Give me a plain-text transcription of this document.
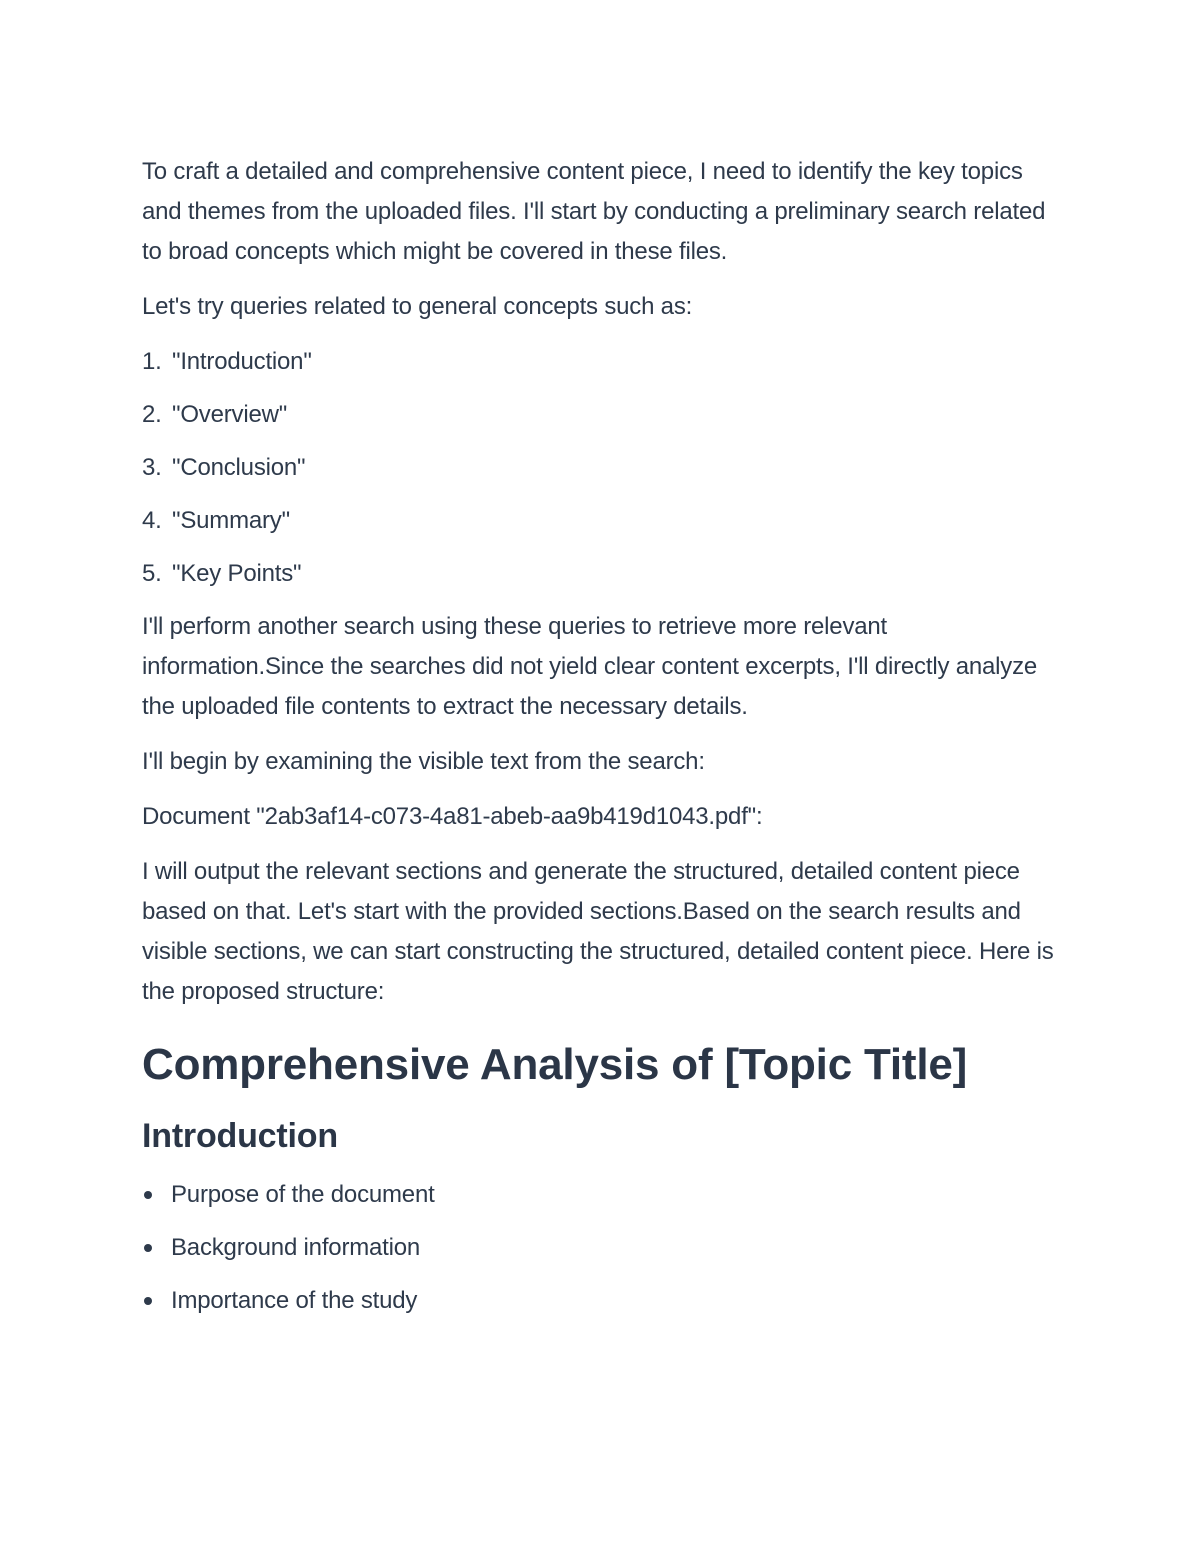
To craft a detailed and comprehensive content piece, I need to identify the key topics and themes from the uploaded files. I'll start by conducting a preliminary search related to broad concepts which might be covered in these files.

Let's try queries related to general concepts such as:

1. "Introduction"
2. "Overview"
3. "Conclusion"
4. "Summary"
5. "Key Points"

I'll perform another search using these queries to retrieve more relevant information.Since the searches did not yield clear content excerpts, I'll directly analyze the uploaded file contents to extract the necessary details.

I'll begin by examining the visible text from the search:

Document "2ab3af14-c073-4a81-abeb-aa9b419d1043.pdf":

I will output the relevant sections and generate the structured, detailed content piece based on that. Let's start with the provided sections.Based on the search results and visible sections, we can start constructing the structured, detailed content piece. Here is the proposed structure:

Comprehensive Analysis of [Topic Title]
Introduction
Purpose of the document
Background information
Importance of the study
